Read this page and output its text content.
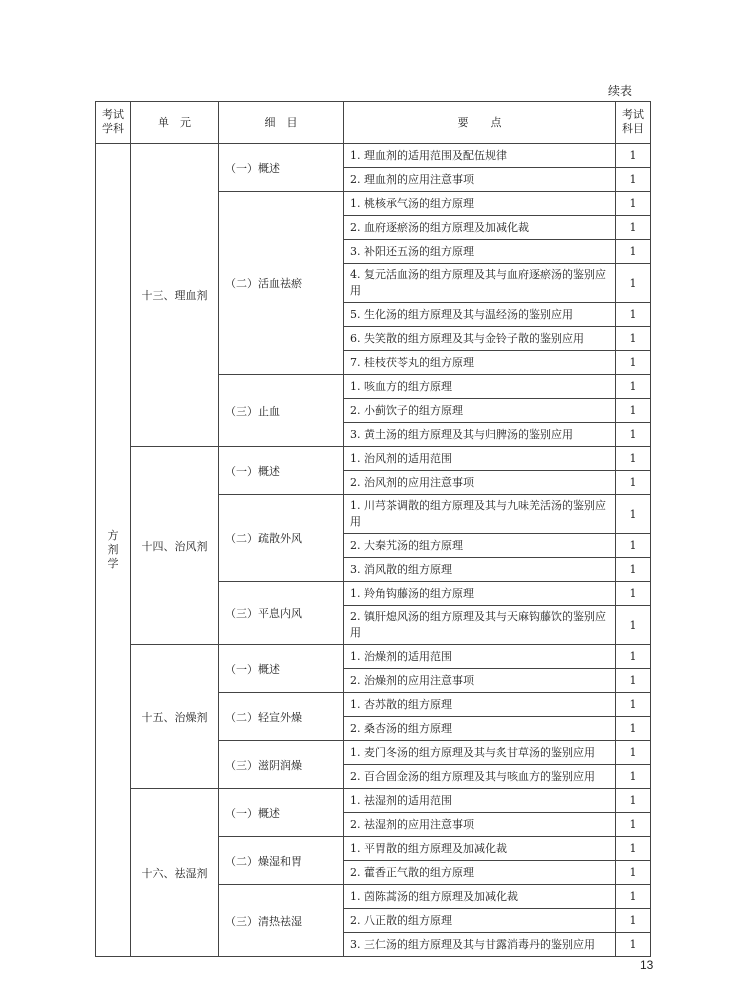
续表
考试学科	单　元	细　目	要　　点	考试科目
方剂学	十三、理血剂	（一）概述	1. 理血剂的适用范围及配伍规律	1
			2. 理血剂的应用注意事项	1
		（二）活血祛瘀	1. 桃核承气汤的组方原理	1
			2. 血府逐瘀汤的组方原理及加减化裁	1
			3. 补阳还五汤的组方原理	1
			4. 复元活血汤的组方原理及其与血府逐瘀汤的鉴别应用	1
			5. 生化汤的组方原理及其与温经汤的鉴别应用	1
			6. 失笑散的组方原理及其与金铃子散的鉴别应用	1
			7. 桂枝茯苓丸的组方原理	1
		（三）止血	1. 咳血方的组方原理	1
			2. 小蓟饮子的组方原理	1
			3. 黄土汤的组方原理及其与归脾汤的鉴别应用	1
	十四、治风剂	（一）概述	1. 治风剂的适用范围	1
			2. 治风剂的应用注意事项	1
		（二）疏散外风	1. 川芎茶调散的组方原理及其与九味羌活汤的鉴别应用	1
			2. 大秦艽汤的组方原理	1
			3. 消风散的组方原理	1
		（三）平息内风	1. 羚角钩藤汤的组方原理	1
			2. 镇肝熄风汤的组方原理及其与天麻钩藤饮的鉴别应用	1
	十五、治燥剂	（一）概述	1. 治燥剂的适用范围	1
			2. 治燥剂的应用注意事项	1
		（二）轻宣外燥	1. 杏苏散的组方原理	1
			2. 桑杏汤的组方原理	1
		（三）滋阴润燥	1. 麦门冬汤的组方原理及其与炙甘草汤的鉴别应用	1
			2. 百合固金汤的组方原理及其与咳血方的鉴别应用	1
	十六、祛湿剂	（一）概述	1. 祛湿剂的适用范围	1
			2. 祛湿剂的应用注意事项	1
		（二）燥湿和胃	1. 平胃散的组方原理及加减化裁	1
			2. 藿香正气散的组方原理	1
		（三）清热祛湿	1. 茵陈蒿汤的组方原理及加减化裁	1
			2. 八正散的组方原理	1
			3. 三仁汤的组方原理及其与甘露消毒丹的鉴别应用	1
13
